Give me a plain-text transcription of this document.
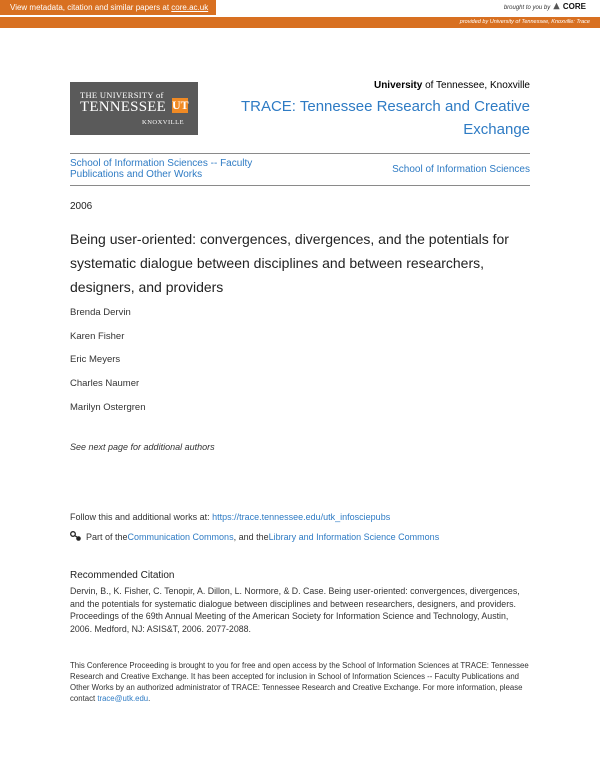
View metadata, citation and similar papers at core.ac.uk	brought to you by CORE
provided by University of Tennessee, Knoxville: Trace
THE UNIVERSITY of
TENNESSEE UT
KNOXVILLE
University of Tennessee, Knoxville
TRACE: Tennessee Research and Creative Exchange
School of Information Sciences -- Faculty Publications and Other Works	School of Information Sciences
2006
Being user-oriented: convergences, divergences, and the potentials for systematic dialogue between disciplines and between researchers, designers, and providers
Brenda Dervin
Karen Fisher
Eric Meyers
Charles Naumer
Marilyn Ostergren
See next page for additional authors
Follow this and additional works at: https://trace.tennessee.edu/utk_infosciepubs
Part of the Communication Commons , and the Library and Information Science Commons
Recommended Citation
Dervin, B., K. Fisher, C. Tenopir, A. Dillon, L. Normore, & D. Case. Being user-oriented: convergences, divergences, and the potentials for systematic dialogue between disciplines and between researchers, designers, and providers. Proceedings of the 69th Annual Meeting of the American Society for Information Science and Technology, Austin, 2006. Medford, NJ: ASIS&T, 2006. 2077-2088.
This Conference Proceeding is brought to you for free and open access by the School of Information Sciences at TRACE: Tennessee Research and Creative Exchange. It has been accepted for inclusion in School of Information Sciences -- Faculty Publications and Other Works by an authorized administrator of TRACE: Tennessee Research and Creative Exchange. For more information, please contact trace@utk.edu.
